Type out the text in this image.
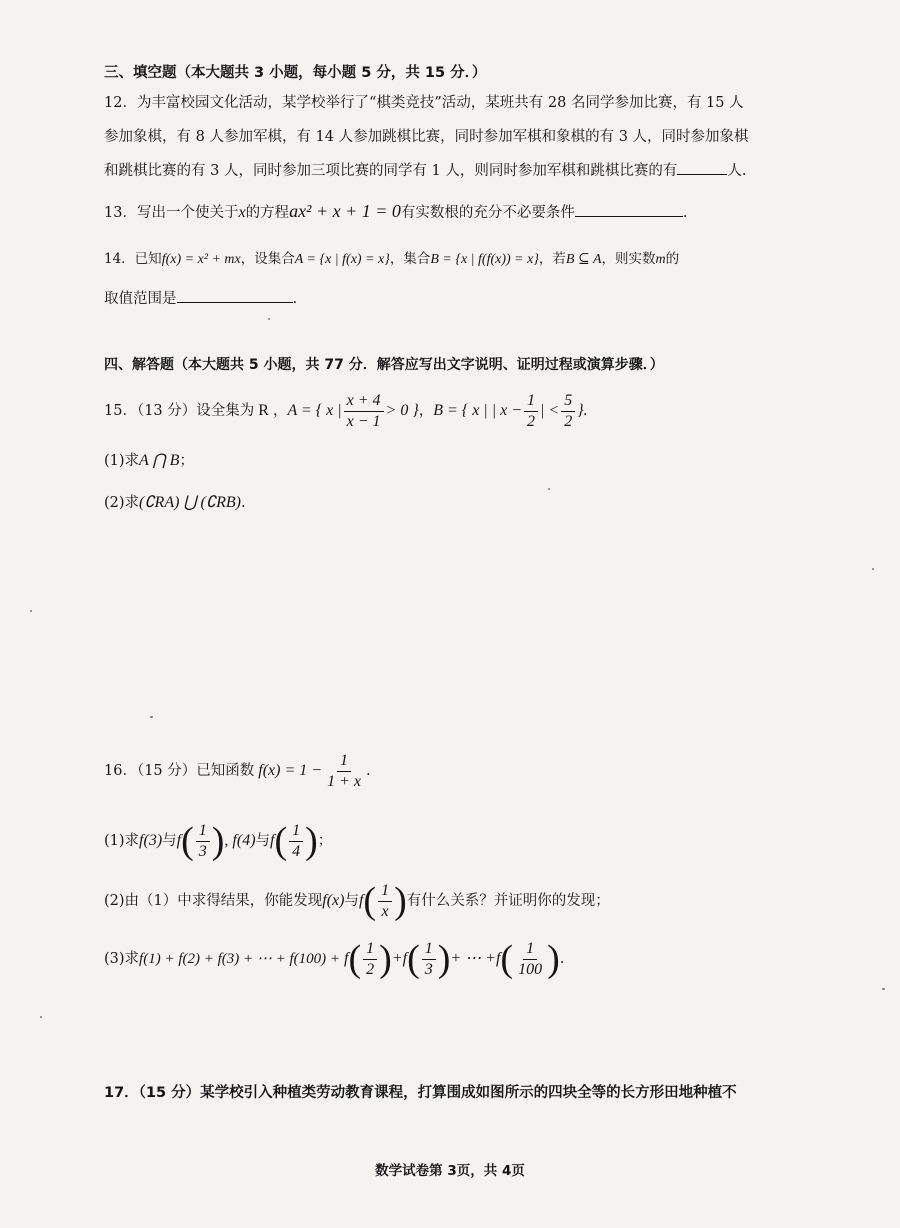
三、填空题（本大题共 3 小题，每小题 5 分，共 15 分．）
12．为丰富校园文化活动，某学校举行了“棋类竞技”活动，某班共有 28 名同学参加比赛，有 15 人
参加象棋，有 8 人参加军棋，有 14 人参加跳棋比赛，同时参加军棋和象棋的有 3 人，同时参加象棋
和跳棋比赛的有 3 人，同时参加三项比赛的同学有 1 人，则同时参加军棋和跳棋比赛的有	人.
13．写出一个使关于x的方程ax² + x + 1 = 0有实数根的充分不必要条件	.
14．已知f(x) = x² + mx，设集合A = {x | f(x) = x}，集合B = {x | f(f(x)) = x}，若B ⊆ A，则实数m的
取值范围是	.
四、解答题（本大题共 5 小题，共 77 分．解答应写出文字说明、证明过程或演算步骤．）
15．（13 分）设全集为 R ， A = { x | $\frac{x + 4}{x - 1} > 0$ } ， B = { x | | $x - \frac{1}{2}$ | < $\frac{5}{2}$ }.
(1)求A ⋂ B；
(2)求(∁RA) ⋃ (∁RB).
16．（15 分）已知函数 $f(x) = 1 - \frac{1}{1 + x}$ .
(1)求 f(3) 与 f ( $\frac{1}{3}$ ) , f(4) 与 f ( $\frac{1}{4}$ ) ；
(2)由（1）中求得结果，你能发现 f(x) 与 f ( $\frac{1}{x}$ ) 有什么关系？并证明你的发现；
(3)求 f(1) + f(2) + f(3) + ⋯ + f(100) + f ( $\frac{1}{2}$ ) + f ( $\frac{1}{3}$ ) + ⋯ + f ( $\frac{1}{100}$ ) .
17．（15 分）某学校引入种植类劳动教育课程，打算围成如图所示的四块全等的长方形田地种植不
数学试卷第 3页，共 4页
